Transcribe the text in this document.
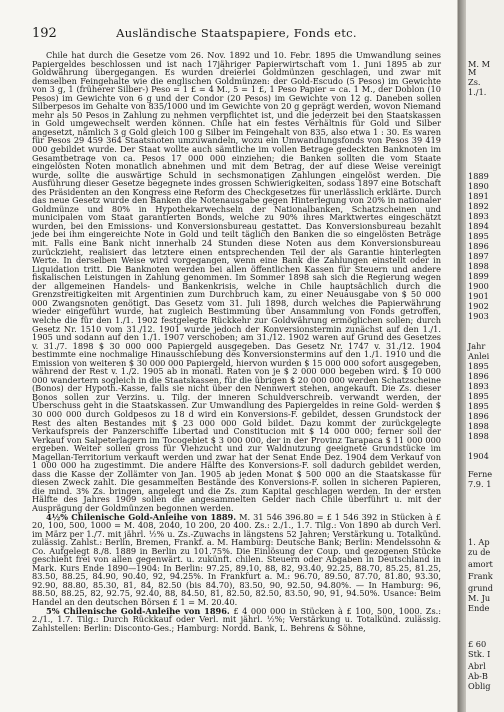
192	Ausländische Staatspapiere, Fonds etc.

Chile hat durch die Gesetze vom 26. Nov. 1892 und 10. Febr. 1895 die Umwandlung seines Papiergeldes beschlossen und ist nach 17jähriger Papierwirtschaft vom 1. Juni 1895 ab zur Goldwährung übergegangen. Es wurden dreierlei Goldmünzen geschlagen, und zwar mit demselben Feingehalte wie die englischen Goldmünzen: der Gold-Escudo (5 Pesos) im Gewichte von 3 g, 1 (früherer Silber-) Peso = 1 £ = 4 M., 5 = 1 £, 1 Peso Papier = ca. 1 M., der Doblon (10 Pesos) im Gewichte von 6 g und der Condor (20 Pesos) im Gewichte von 12 g. Daneben sollen Silberpesos im Gehalte von 835/1000 und im Gewichte von 20 g geprägt werden, wovon Niemand mehr als 50 Pesos in Zahlung zu nehmen verpflichtet ist, und die jederzeit bei den Staatskassen in Gold umgewechselt werden können. Chile hat ein festes Verhältnis für Gold und Silber angesetzt, nämlich 3 g Gold gleich 100 g Silber im Feingehalt von 835, also etwa 1 : 30. Es waren für Pesos 29 459 364 Staatsnoten umzuwandeln, wozu ein Umwandlungsfonds von Pesos 39 419 000 gebildet wurde. Der Staat wollte auch sämtliche im vollen Betrage gedeckten Banknoten im Gesamtbetrage von ca. Pesos 17 000 000 einziehen; die Banken sollten die vom Staate eingelösten Noten monatlich abnehmen und mit dem Betrag, der auf diese Weise vereinigt wurde, sollte die auswärtige Schuld in sechsmonatigen Zahlungen eingelöst werden. Die Ausführung dieser Gesetze begegnete indes grossen Schwierigkeiten, sodass 1897 eine Botschaft des Präsidenten an den Kongress eine Reform des Checkgesetzes für unerlässlich erklärte. Durch das neue Gesetz wurde den Banken die Notenausgabe gegen Hinterlegung von 20% in nationaler Goldmünze und 80% in Hypothekarwechseln der Nationalbanken, Schatzscheinen und municipalen vom Staat garantierten Bonds, welche zu 90% ihres Marktwertes eingeschätzt wurden, bei den Emissions- und Konversionsbureau gestattet. Das Konversionsbureau bezahlt jede bei ihm eingereichte Note in Gold und teilt täglich den Banken die so eingelösten Beträge mit. Falls eine Bank nicht innerhalb 24 Stunden diese Noten aus dem Konversionsbureau zurückzieht, realisiert das letztere einen entsprechenden Teil der als Garantie hinterlegten Werte. In derselben Weise wird vorgegangen, wenn eine Bank die Zahlungen einstellt oder in Liquidation tritt. Die Banknoten werden bei allen öffentlichen Kassen für Steuern und andere fiskalischen Leistungen in Zahlung genommen. Im Sommer 1898 sah sich die Regierung wegen der allgemeinen Handels- und Bankenkrisis, welche in Chile hauptsächlich durch die Grenzstreitigkeiten mit Argentinien zum Durchbruch kam, zu einer Neuausgabe von $ 50 000 000 Zwangsnoten genötigt. Das Gesetz vom 31. Juli 1898, durch welches die Papierwährung wieder eingeführt wurde, hat zugleich Bestimmung über Ansammlung von Fonds getroffen, welche die für den 1./1. 1902 festgelegte Rückkehr zur Goldwährung ermöglichen sollen; durch Gesetz Nr. 1510 vom 31./12. 1901 wurde jedoch der Konversionstermin zunächst auf den 1./1. 1905 und sodann auf den 1./1. 1907 verschoben; am 31./12. 1902 waren auf Grund des Gesetzes v. 31./7. 1898 $ 30 000 000 Papiergeld ausgegeben. Das Gesetz Nr. 1747 v. 31./12. 1904 bestimmte eine nochmalige Hinausschiebung des Konversionstermins auf den 1./1. 1910 und die Emission von weiteren $ 30 000 000 Papiergeld, hiervon wurden $ 15 000 000 sofort ausgegeben, während der Rest v. 1./2. 1905 ab in monatl. Raten von je $ 2 000 000 begeben wird. $ 10 000 000 wandertern sogleich in die Staatskassen, für die übrigen $ 20 000 000 werden Schatzscheine (Bonos) der Hypoth.-Kasse, falls sie nicht über den Nennwert stehen, angekauft. Die Zs. dieser Bonos sollen zur Verzins. u. Tilg. der inneren Schuldverschreib. verwandt werden, der Überschuss geht in die Staatskassen. Zur Umwandlung des Papiergeldes in reine Gold- werden $ 30 000 000 durch Goldpesos zu 18 d wird ein Konversions-F. gebildet, dessen Grundstock der Rest des alten Bestandes mit $ 23 000 000 Gold bildet. Dazu kommt der zurückgelegte Verkaufspreis der Panzerschiffe Libertad und Constitucion mit $ 14 000 000; ferner soll der Verkauf von Salpeterlagern im Tocogebiet $ 3 000 000, der in der Provinz Tarapaca $ 11 000 000 ergeben. Weiter sollen gross für Viehzucht und zur Waldnutzung geeignete Grundstücke im Magellan-Territorium verkauft werden und zwar hat der Senat Ende Dez. 1904 dem Verkauf von 1 000 000 ha zugestimmt. Die andere Hälfte des Konversions-F. soll dadurch gebildet werden, dass die Kasse der Zollämter von Jan. 1905 ab jeden Monat $ 500 000 an die Staatskasse für diesen Zweck zahlt. Die gesammelten Bestände des Konversions-F. sollen in sicheren Papieren, die mind. 3% Zs. bringen, angelegt und die Zs. zum Kapital geschlagen werden. In der ersten Hälfte des Jahres 1909 sollen die angesammelten Gelder nach Chile überführt u. mit der Ausprägung der Goldmünzen begonnen werden.

4½% Chilenische Gold-Anleihe von 1889. M. 31 546 396.80 = £ 1 546 392 in Stücken à £ 20, 100, 500, 1000 = M. 408, 2040, 10 200, 20 400. Zs.: 2./1., 1.7. Tilg.: Von 1890 ab durch Verl. im März per 1./7. mit jährl. ½% u. Zs.-Zuwachs in längstens 52 Jahren; Verstärkung u. Totalkünd. zulässig. Zahlst.: Berlin, Bremen, Frankf. a. M. Hamburg: Deutsche Bank; Berlin: Mendelssohn & Co. Aufgelegt 8./8. 1889 in Berlin zu 101.75%. Die Einlösung der Coup. und gezogenen Stücke geschieht frei von allen gegenwärt. u. zukünft. chilen. Steuern oder Abgaben in Deutschland in Mark. Kurs Ende 1890—1904: In Berlin: 97.25, 89.10, 88, 82, 93.40, 92.25, 88.70, 85.25, 81.25, 83.50, 88.25, 84.90, 90.40, 92, 94.25%. In Frankfurt a. M.: 96.70, 89.50, 87.70, 81.80, 93.30, 92.90, 88.80, 85.30, 81, 84, 82.50 (bis 84.70), 83.50, 90, 92.50, 94.80%. — In Hamburg: 96, 88.50, 88.25, 82, 92.75, 92.40, 88, 84.50, 81, 82.50, 82.50, 83.50, 90, 91, 94.50%. Usance: Beim Handel an den deutschen Börsen £ 1 = M. 20.40.

5% Chilenische Gold-Anleihe von 1896. £ 4 000 000 in Stücken à £ 100, 500, 1000. Zs.: 2./1., 1.7. Tilg.: Durch Rückkauf oder Verl. mit jährl. ½%; Verstärkung u. Totalkünd. zulässig. Zahlstellen: Berlin: Disconto-Ges.; Hamburg: Nordd. Bank, L. Behrens & Söhne,

M. M
M
Zs.
1./1.
1889
1890
1891
1892
1893
1894
1895
1896
1897
1898
1899
1900
1901
1902
1903
Jahr
Anlei
1895
1896
1893
1895
1895
1896
1898
1898
1904
Ferne
7.9. 1
1. Ap
zu de
amort
Frank
grund
M. Ju
Ende
£ 60
Stk. I
Abrl
Ab-B
Oblig
